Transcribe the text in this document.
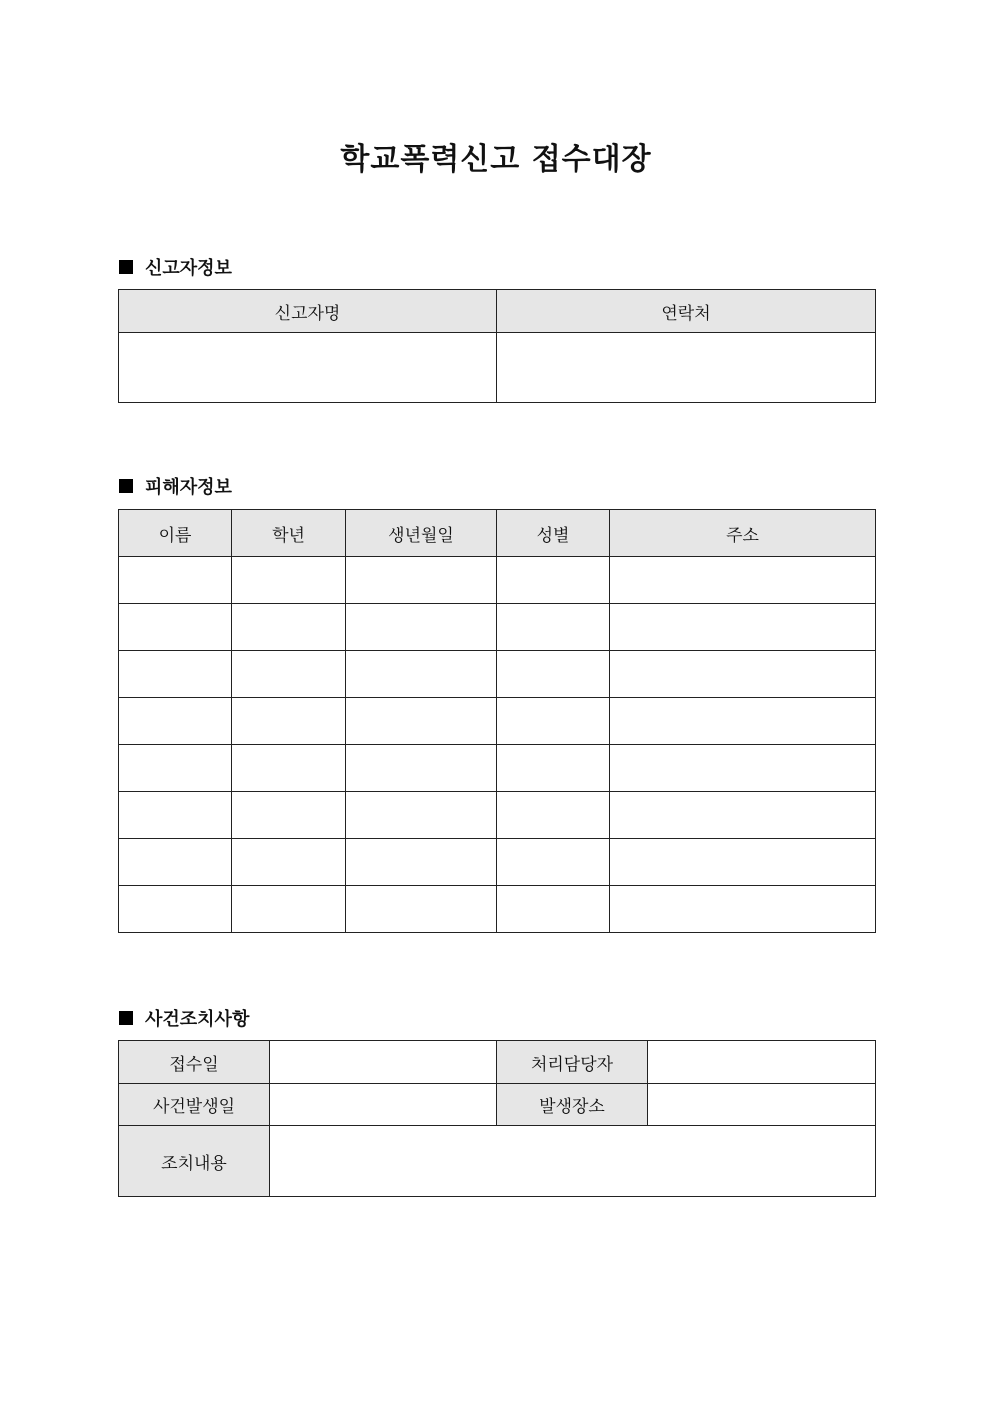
학교폭력신고 접수대장
신고자정보
신고자명	연락처

피해자정보
이름	학년	생년월일	성별	주소

사건조치사항
접수일		처리담당자	
사건발생일		발생장소	
조치내용			
